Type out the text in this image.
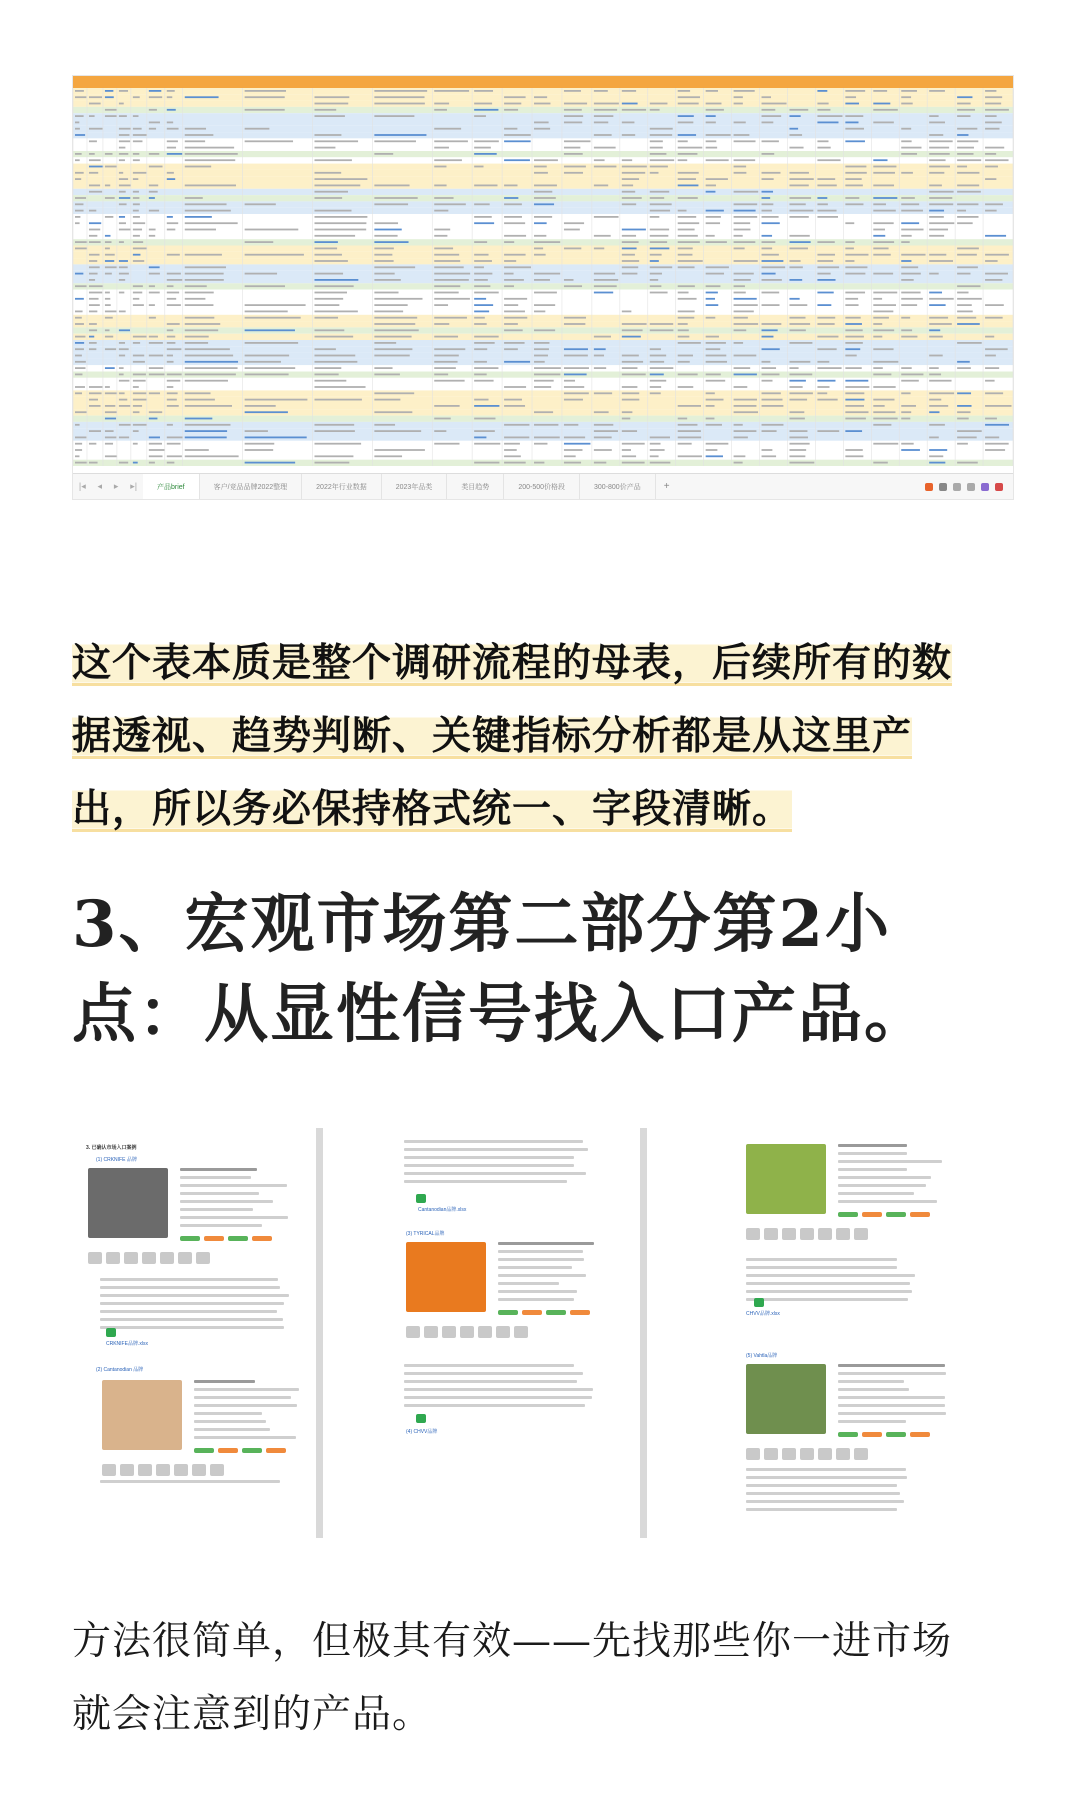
|◂ ◂ ▸ ▸|	产品brief	客户/竞品品牌2022整理	2022年行业数据	2023年品类	类目趋势	200-500价格段	300-800价产品	+
这个表本质是整个调研流程的母表，后续所有的数
据透视、趋势判断、关键指标分析都是从这里产
出，所以务必保持格式统一、字段清晰。
3、宏观市场第二部分第2小
点：从显性信号找入口产品。
3. 已确认市场入口案例
(1) CRKNIFE 品牌
(2) Cantanodian 品牌
CRKNIFE品牌.xlsx
(3) TYRICAL品牌
(4) CHVV品牌
Cantanodian品牌.xlsx
(5) Vahtla品牌
CHVV品牌.xlsx
方法很简单，但极其有效——先找那些你一进市场
就会注意到的产品。
